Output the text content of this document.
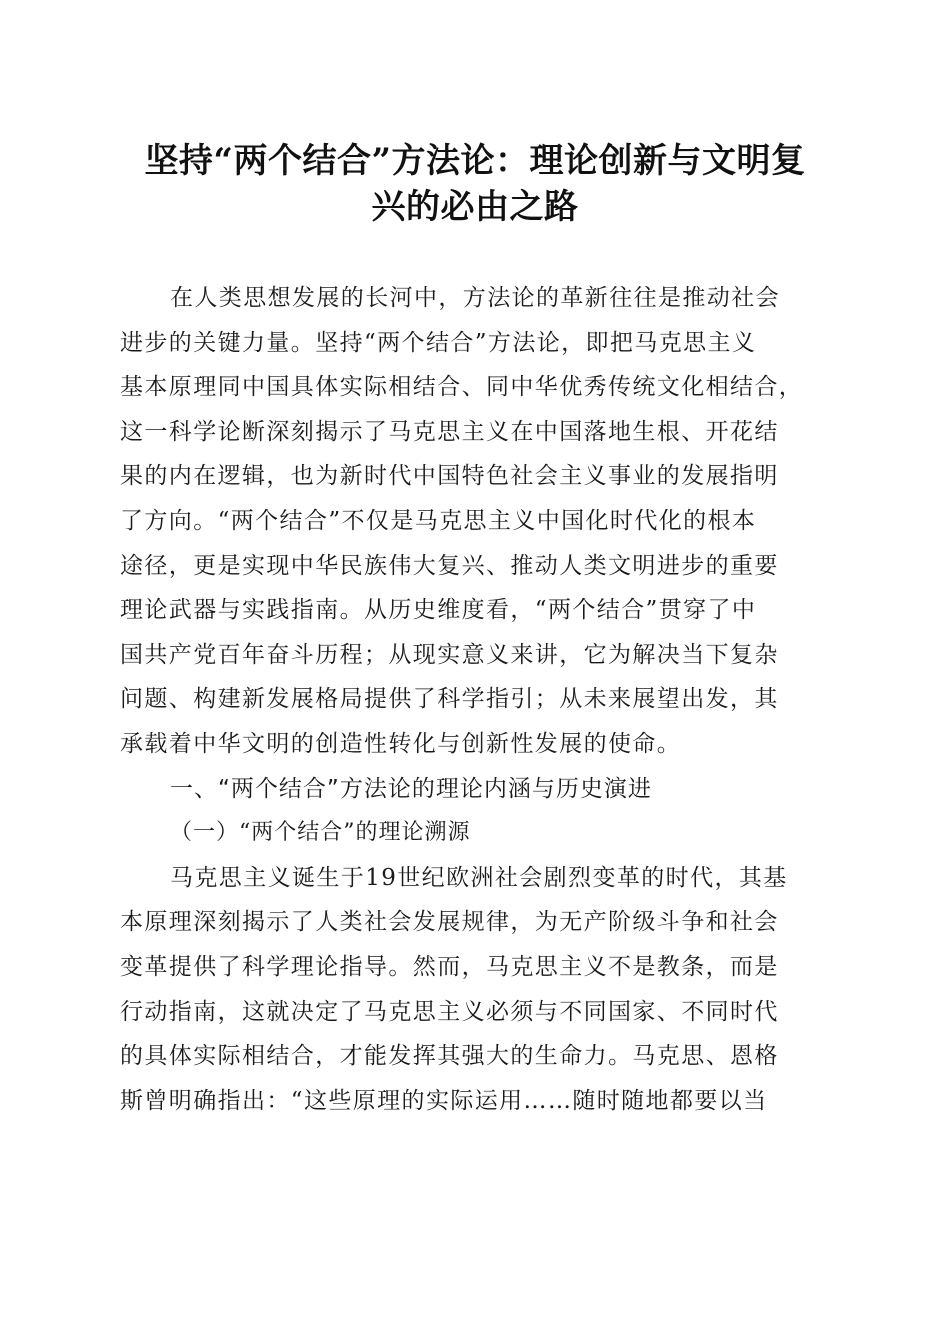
坚持“两个结合”方法论：理论创新与文明复
兴的必由之路
在人类思想发展的长河中，方法论的革新往往是推动社会
进步的关键力量。坚持“两个结合”方法论，即把马克思主义
基本原理同中国具体实际相结合、同中华优秀传统文化相结合，
这一科学论断深刻揭示了马克思主义在中国落地生根、开花结
果的内在逻辑，也为新时代中国特色社会主义事业的发展指明
了方向。“两个结合”不仅是马克思主义中国化时代化的根本
途径，更是实现中华民族伟大复兴、推动人类文明进步的重要
理论武器与实践指南。从历史维度看，“两个结合”贯穿了中
国共产党百年奋斗历程；从现实意义来讲，它为解决当下复杂
问题、构建新发展格局提供了科学指引；从未来展望出发，其
承载着中华文明的创造性转化与创新性发展的使命。
一、“两个结合”方法论的理论内涵与历史演进
（一）“两个结合”的理论溯源
马克思主义诞生于19世纪欧洲社会剧烈变革的时代，其基
本原理深刻揭示了人类社会发展规律，为无产阶级斗争和社会
变革提供了科学理论指导。然而，马克思主义不是教条，而是
行动指南，这就决定了马克思主义必须与不同国家、不同时代
的具体实际相结合，才能发挥其强大的生命力。马克思、恩格
斯曾明确指出：“这些原理的实际运用……随时随地都要以当
